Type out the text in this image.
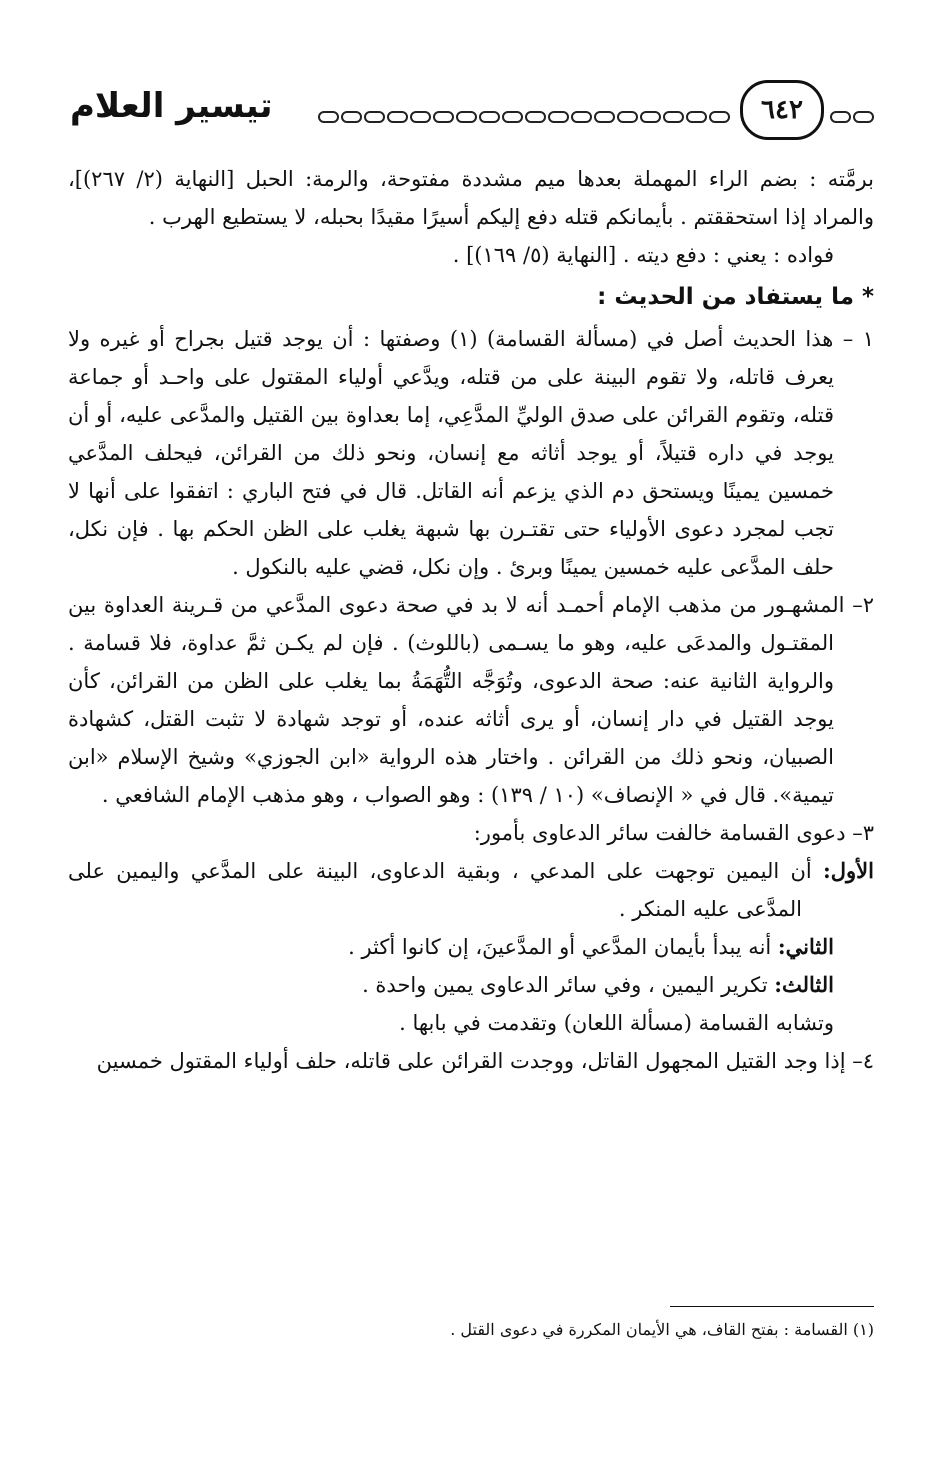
تيسير العلام	٦٤٢

برمَّته : بضم الراء المهملة بعدها ميم مشددة مفتوحة، والرمة: الحبل [النهاية (٢/ ٢٦٧)]، والمراد إذا استحققتم . بأيمانكم قتله دفع إليكم أسيرًا مقيدًا بحبله، لا يستطيع الهرب .

فواده : يعني : دفع ديته . [النهاية (٥/ ١٦٩)] .

* ما يستفاد من الحديث :

١ – هذا الحديث أصل في (مسألة القسامة) (١) وصفتها : أن يوجد قتيل بجراح أو غيره ولا يعرف قاتله، ولا تقوم البينة على من قتله، ويدَّعي أولياء المقتول على واحـد أو جماعة قتله، وتقوم القرائن على صدق الوليِّ المدَّعِي، إما بعداوة بين القتيل والمدَّعى عليه، أو أن يوجد في داره قتيلاً، أو يوجد أثاثه مع إنسان، ونحو ذلك من القرائن، فيحلف المدَّعي خمسين يمينًا ويستحق دم الذي يزعم أنه القاتل. قال في فتح الباري : اتفقوا على أنها لا تجب لمجرد دعوى الأولياء حتى تقتـرن بها شبهة يغلب على الظن الحكم بها . فإن نكل، حلف المدَّعى عليه خمسين يمينًا وبرئ . وإن نكل، قضي عليه بالنكول .

٢– المشهـور من مذهب الإمام أحمـد أنه لا بد في صحة دعوى المدَّعي من قـرينة العداوة بين المقتـول والمدعَى عليه، وهو ما يسـمى (باللوث) . فإن لم يكـن ثمَّ عداوة، فلا قسامة . والرواية الثانية عنه: صحة الدعوى، وتُوَجَّه التُّهَمَةُ بما يغلب على الظن من القرائن، كأن يوجد القتيل في دار إنسان، أو يرى أثاثه عنده، أو توجد شهادة لا تثبت القتل، كشهادة الصبيان، ونحو ذلك من القرائن . واختار هذه الرواية «ابن الجوزي» وشيخ الإسلام «ابن تيمية». قال في « الإنصاف» (١٠ / ١٣٩) : وهو الصواب ، وهو مذهب الإمام الشافعي .

٣– دعوى القسامة خالفت سائر الدعاوى بأمور:

الأول: أن اليمين توجهت على المدعي ، وبقية الدعاوى، البينة على المدَّعي واليمين على المدَّعى عليه المنكر .

الثاني: أنه يبدأ بأيمان المدَّعي أو المدَّعينَ، إن كانوا أكثر .

الثالث: تكرير اليمين ، وفي سائر الدعاوى يمين واحدة .

وتشابه القسامة (مسألة اللعان) وتقدمت في بابها .

٤– إذا وجد القتيل المجهول القاتل، ووجدت القرائن على قاتله، حلف أولياء المقتول خمسين

(١) القسامة : بفتح القاف، هي الأيمان المكررة في دعوى القتل .
